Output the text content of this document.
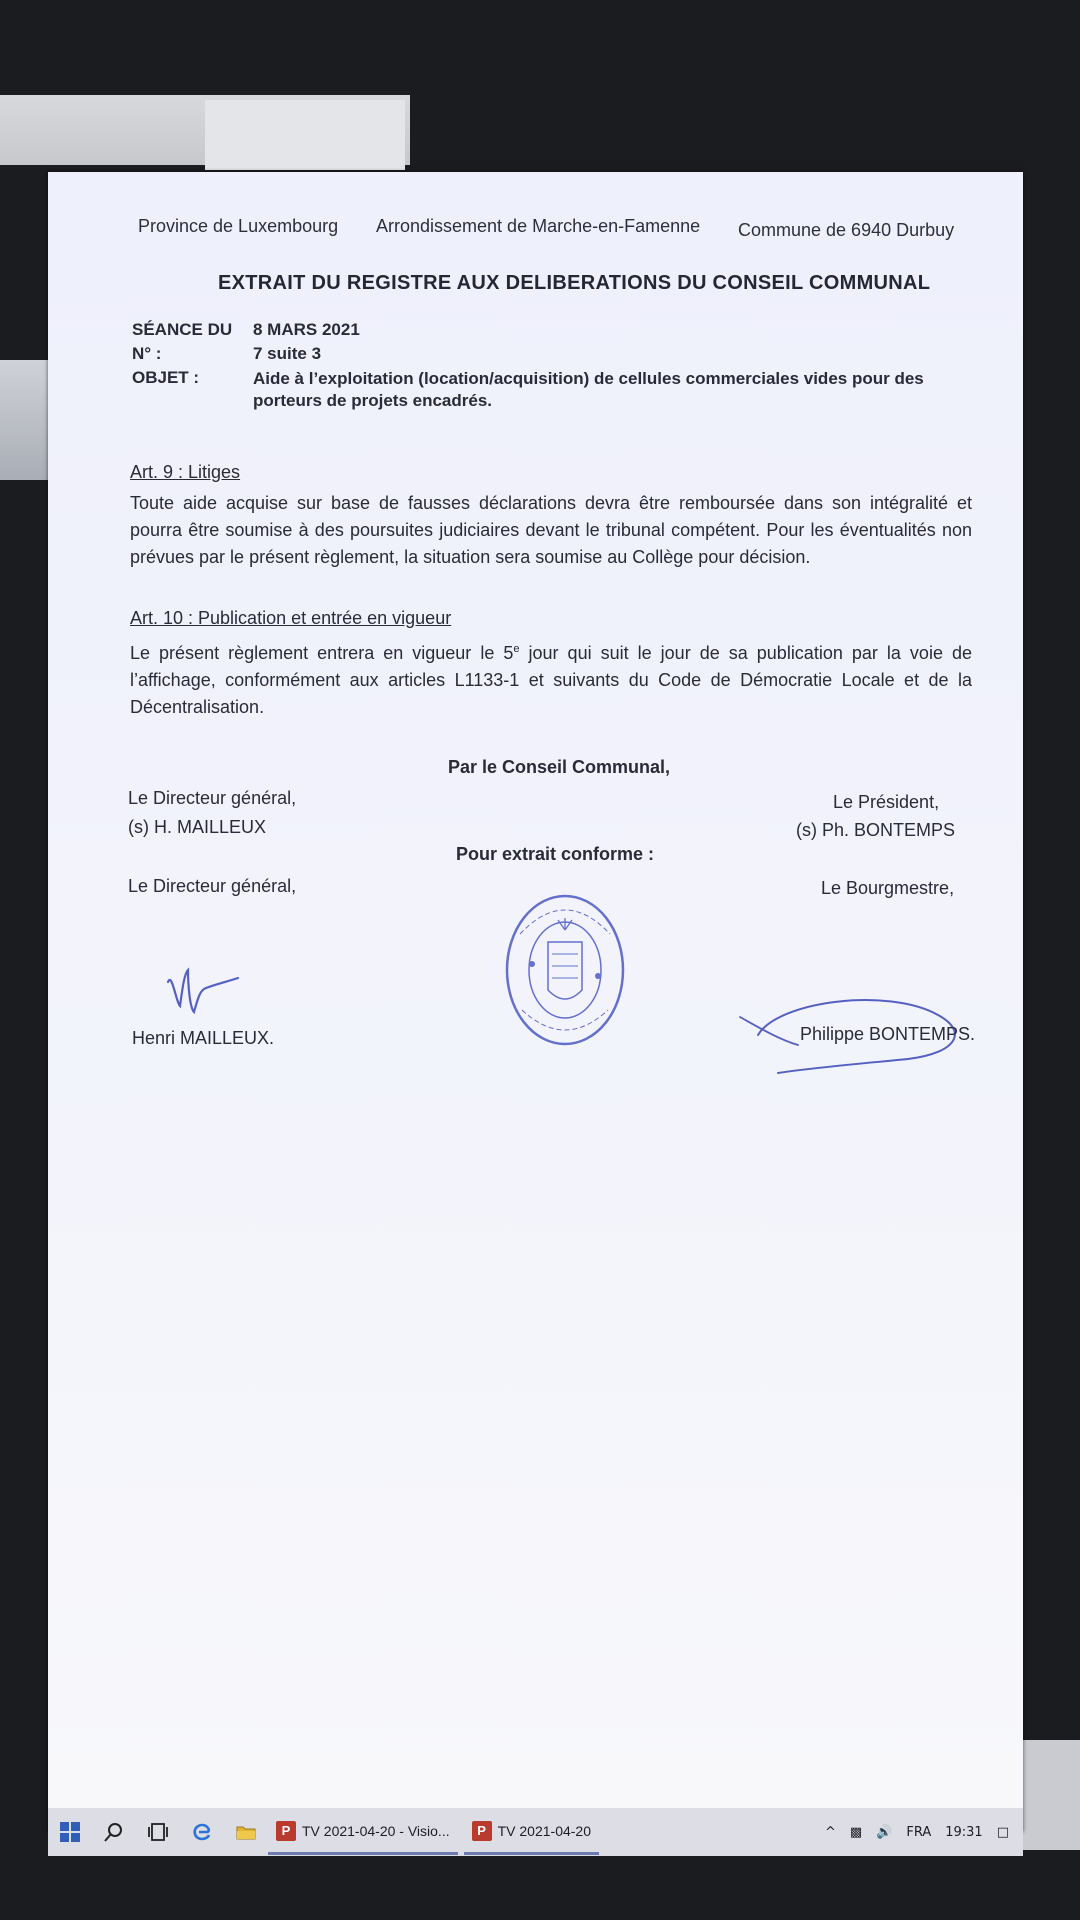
Province de Luxembourg Arrondissement de Marche-en-Famenne Commune de 6940 Durbuy
EXTRAIT DU REGISTRE AUX DELIBERATIONS DU CONSEIL COMMUNAL
SÉANCE DU 8 MARS 2021
N° :	7 suite 3
OBJET :	Aide à l’exploitation (location/acquisition) de cellules commerciales vides pour des porteurs de projets encadrés.
Art. 9 : Litiges
Toute aide acquise sur base de fausses déclarations devra être remboursée dans son intégralité et pourra être soumise à des poursuites judiciaires devant le tribunal compétent. Pour les éventualités non prévues par le présent règlement, la situation sera soumise au Collège pour décision.
Art. 10 : Publication et entrée en vigueur
Le présent règlement entrera en vigueur le 5e jour qui suit le jour de sa publication par la voie de l’affichage, conformément aux articles L1133-1 et suivants du Code de Démocratie Locale et de la Décentralisation.
Par le Conseil Communal,
Le Directeur général,
(s) H. MAILLEUX
Le Président,
(s) Ph. BONTEMPS
Pour extrait conforme :
Le Directeur général,	Le Bourgmestre,
Henri MAILLEUX.	Philippe BONTEMPS.
P TV 2021-04-20 - Visio...	P TV 2021-04-20	^ ▩ 🔊 FRA 19:31 □
